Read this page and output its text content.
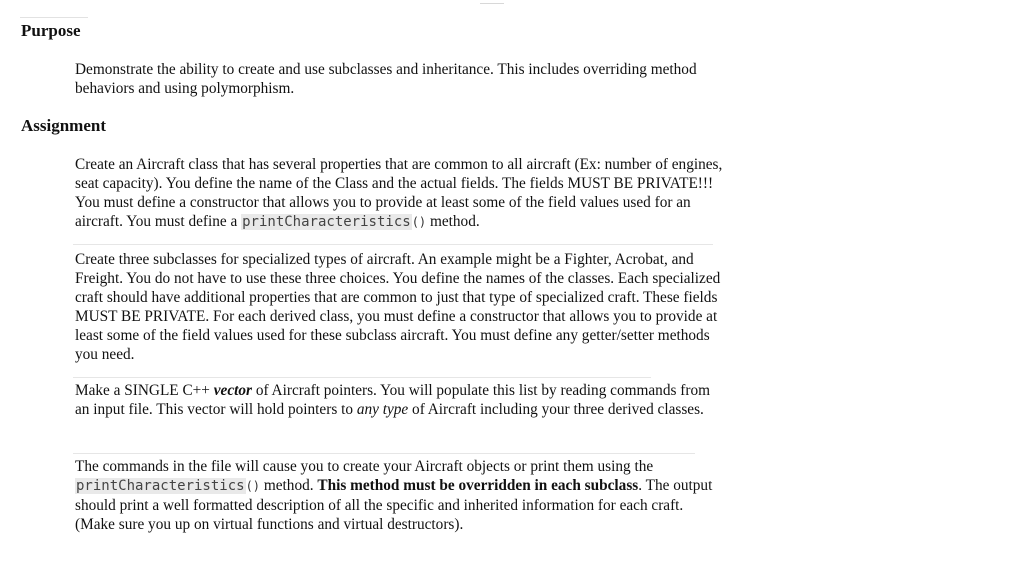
Purpose

Demonstrate the ability to create and use subclasses and inheritance. This includes overriding method behaviors and using polymorphism.

Assignment

Create an Aircraft class that has several properties that are common to all aircraft (Ex: number of engines, seat capacity). You define the name of the Class and the actual fields. The fields MUST BE PRIVATE!!! You must define a constructor that allows you to provide at least some of the field values used for an aircraft. You must define a printCharacteristics() method.

Create three subclasses for specialized types of aircraft. An example might be a Fighter, Acrobat, and Freight. You do not have to use these three choices. You define the names of the classes. Each specialized craft should have additional properties that are common to just that type of specialized craft. These fields MUST BE PRIVATE. For each derived class, you must define a constructor that allows you to provide at least some of the field values used for these subclass aircraft. You must define any getter/setter methods you need.

Make a SINGLE C++ vector of Aircraft pointers. You will populate this list by reading commands from an input file. This vector will hold pointers to any type of Aircraft including your three derived classes.

The commands in the file will cause you to create your Aircraft objects or print them using the printCharacteristics() method. This method must be overridden in each subclass. The output should print a well formatted description of all the specific and inherited information for each craft. (Make sure you up on virtual functions and virtual destructors).
